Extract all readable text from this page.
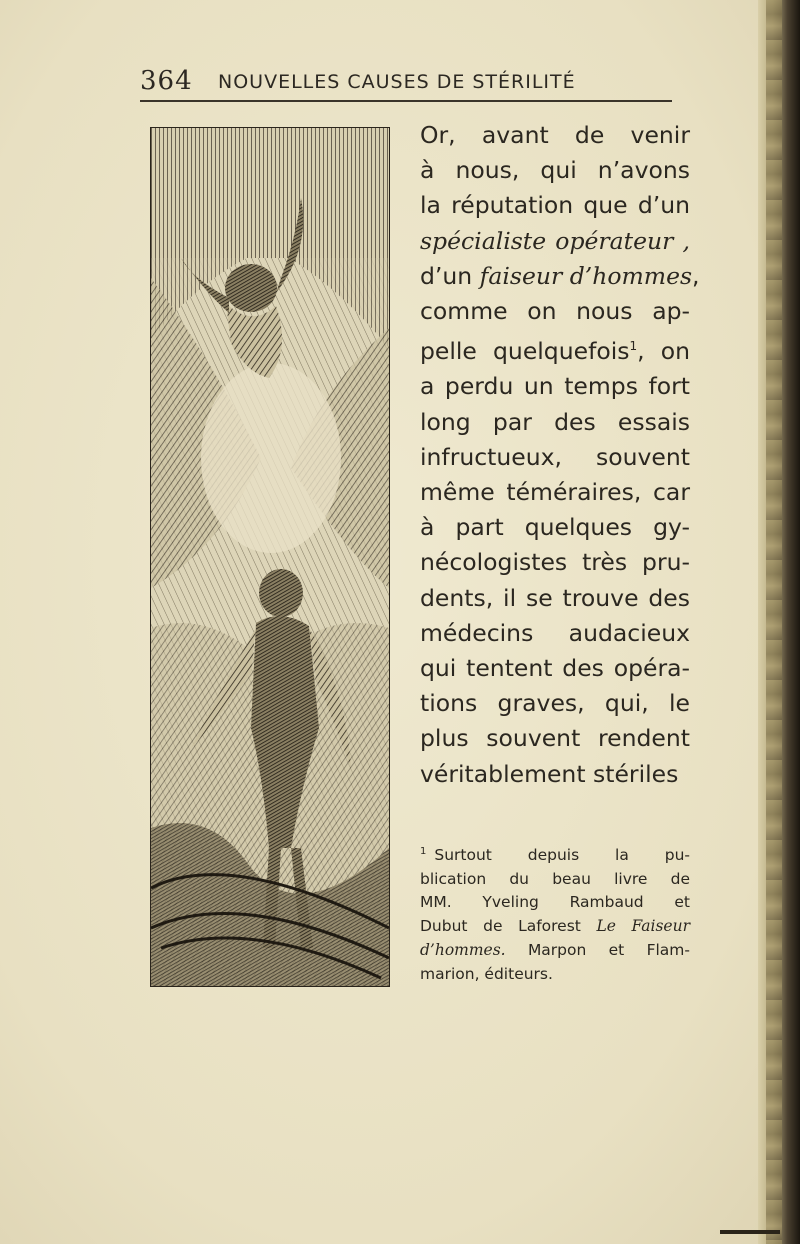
364 NOUVELLES CAUSES DE STÉRILITÉ
Or, avant de venir
à nous, qui n’avons
la réputation que d’un
spécialiste opérateur ,
d’un faiseur d’hommes,
comme on nous ap-
pelle quelquefois$^1$, on
a perdu un temps fort
long par des essais
infructueux, souvent
même téméraires, car
à part quelques gy-
nécologistes très pru-
dents, il se trouve des
médecins audacieux
qui tentent des opéra-
tions graves, qui, le
plus souvent rendent
véritablement stériles
$^1$ Surtout depuis la pu-
blication du beau livre de
MM. Yveling Rambaud et
Dubut de Laforest Le Faiseur
d’hommes. Marpon et Flam-
marion, éditeurs.
